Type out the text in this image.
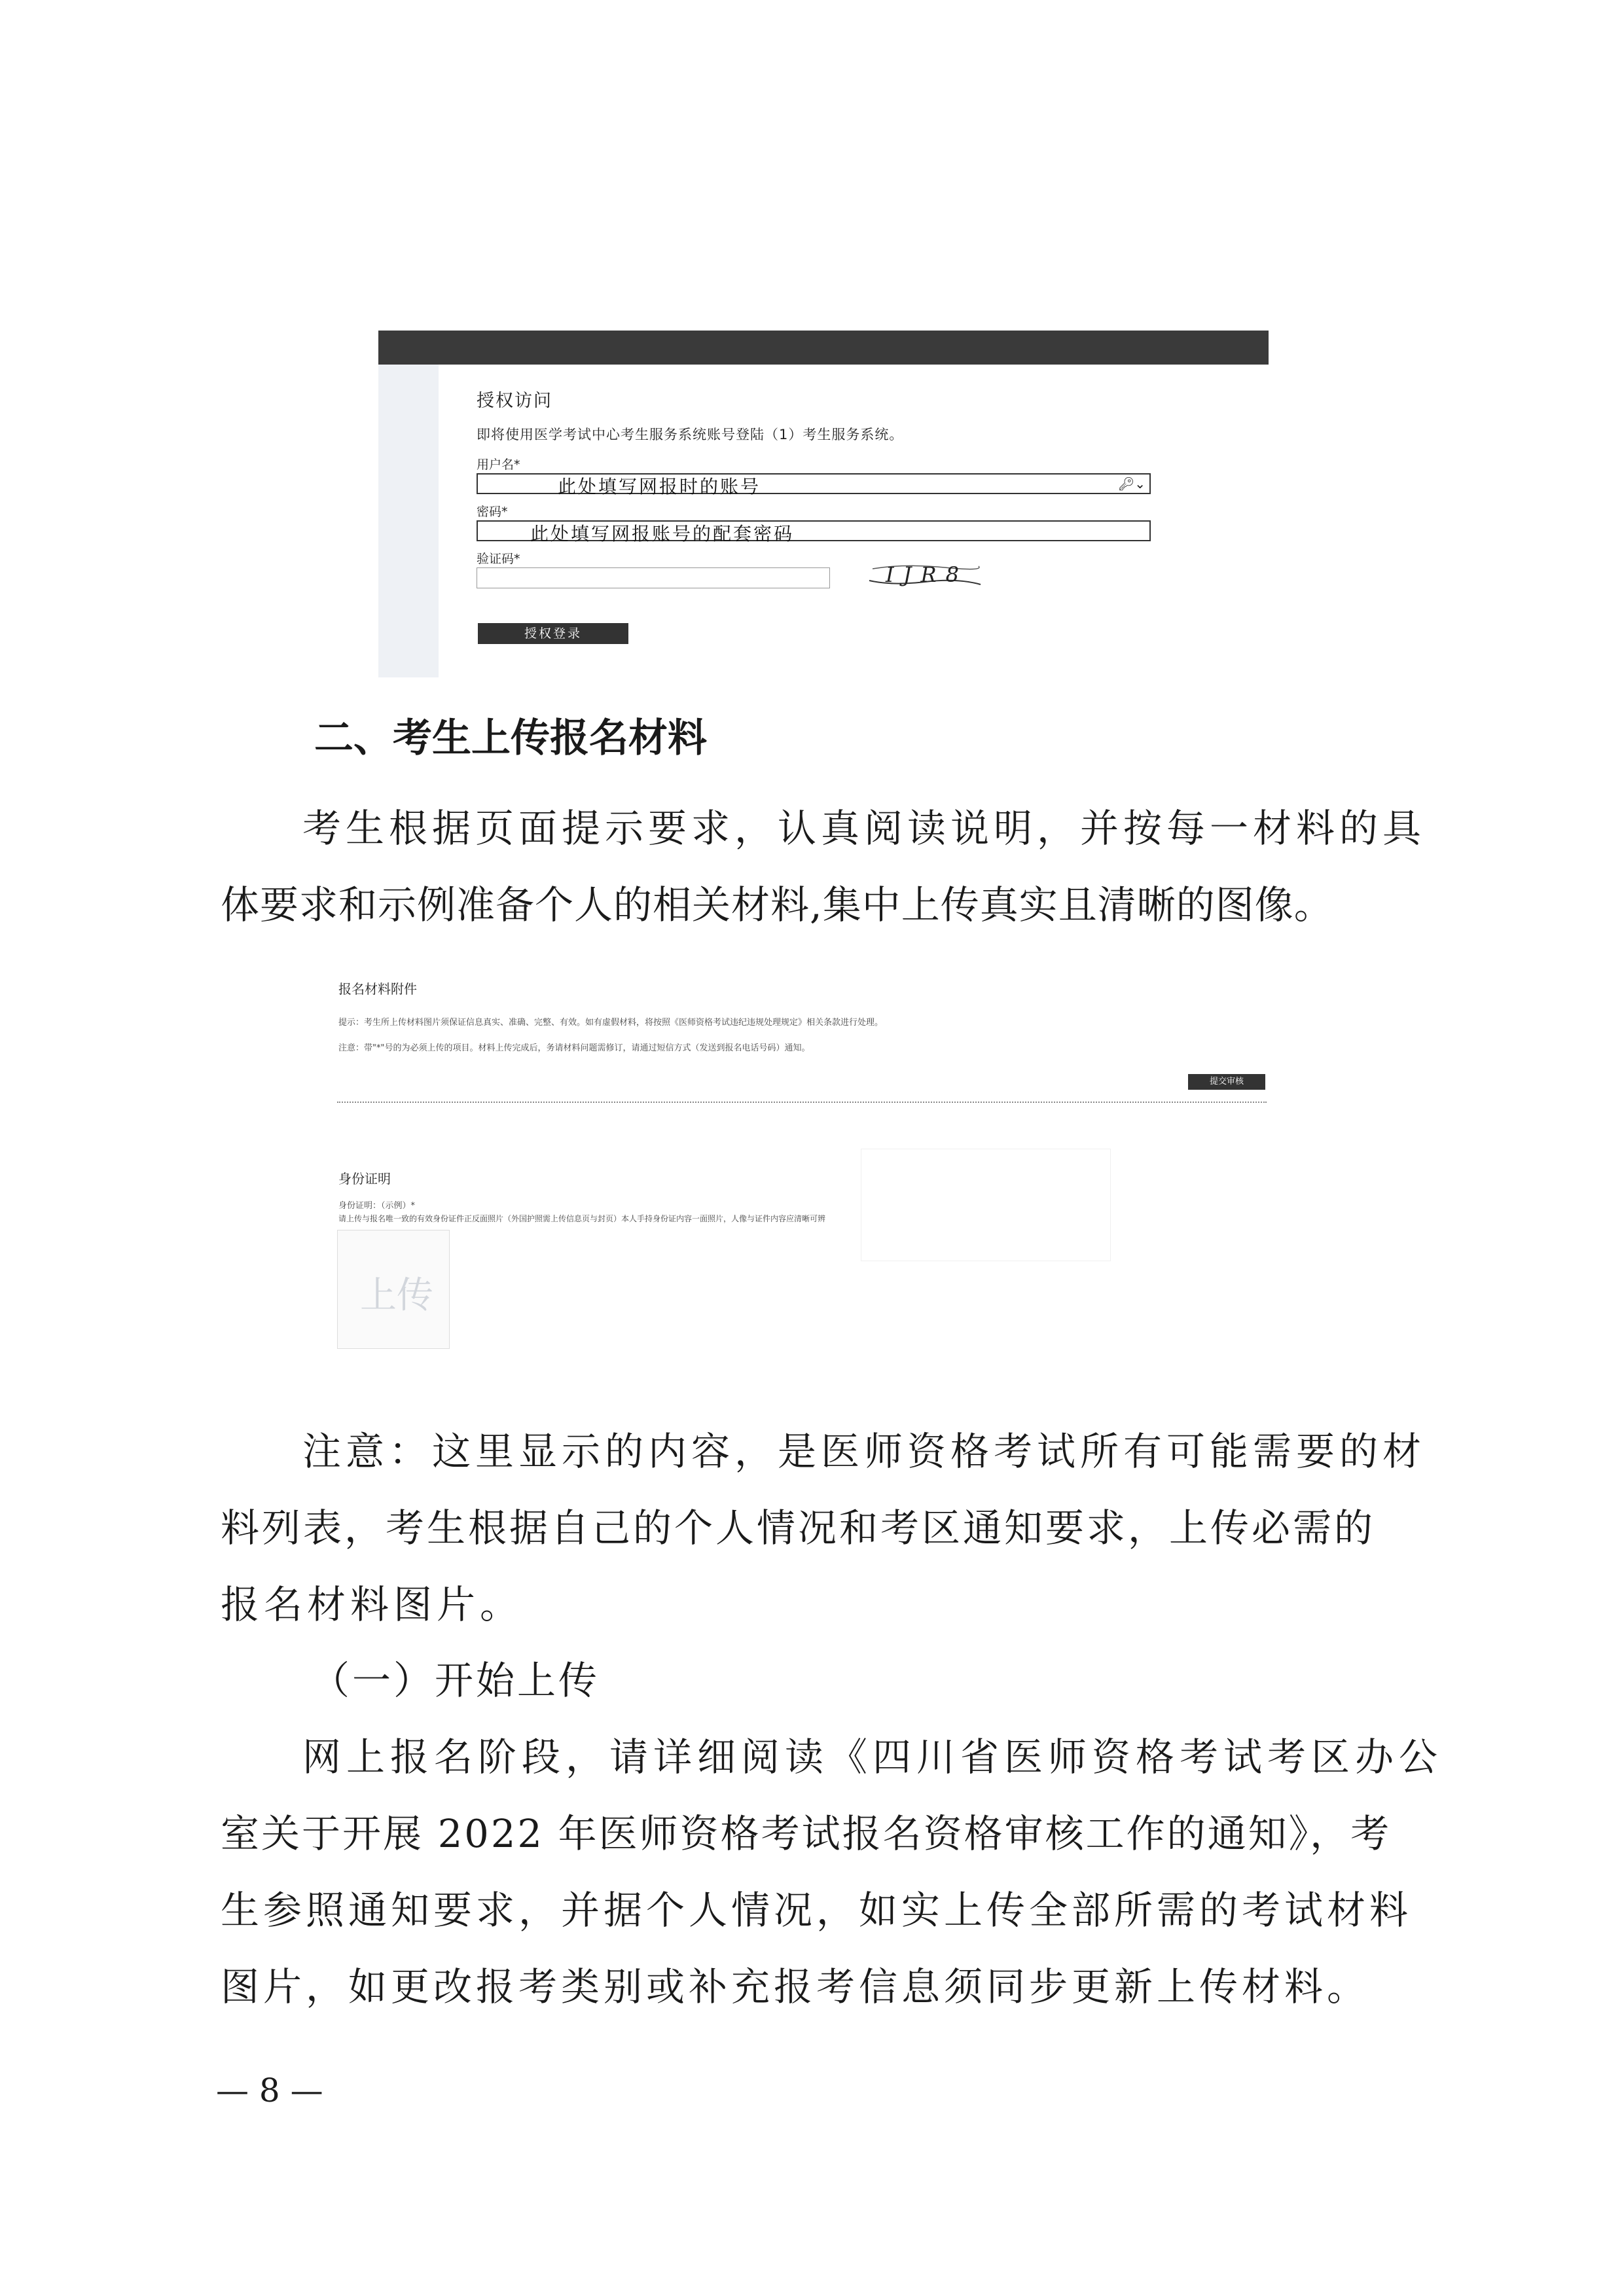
授权访问
即将使用医学考试中心考生服务系统账号登陆（⁠1）考生服务系统。
用户名*
此处填写网报时的账号	🔑︎⌄
密码*
此处填写网报账号的配套密码
验证码*
IJR8
授权登录
二、考生上传报名材料
考生根据页面提示要求，认真阅读说明，并按每一材料的具
体要求和示例准备个人的相关材料,集中上传真实且清晰的图像。
报名材料附件
提示：考生所上传材料图片须保证信息真实、准确、完整、有效。如有虚假材料，将按照《医师资格考试违纪违规处理规定》相关条款进行处理。
注意：带"*"号的为必须上传的项目。材料上传完成后，务请材料问题需修订，请通过短信方式（发送到报名电话号码）通知。
提交审核
身份证明
身份证明：（示例）*
请上传与报名唯一致的有效身份证件正反面照片（外国护照需上传信息页与封页）本人手持身份证内容一面照片，人像与证件内容应清晰可辨
上传
注意：这里显示的内容，是医师资格考试所有可能需要的材
料列表，考生根据自己的个人情况和考区通知要求，上传必需的
报名材料图片。
（一）开始上传
网上报名阶段，请详细阅读《四川省医师资格考试考区办公
室关于开展 2022 年医师资格考试报名资格审核工作的通知》，考
生参照通知要求，并据个人情况，如实上传全部所需的考试材料
图片，如更改报考类别或补充报考信息须同步更新上传材料。
— 8 —
